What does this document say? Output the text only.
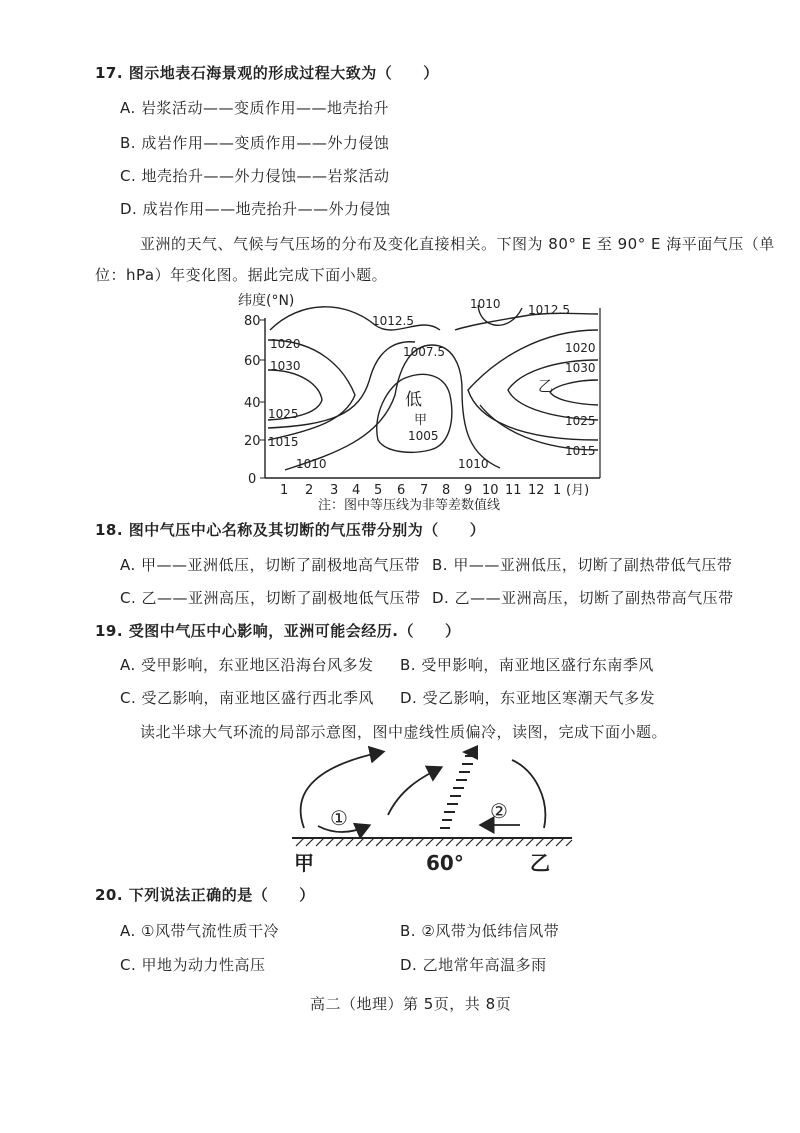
17. 图示地表石海景观的形成过程大致为（　　）
A. 岩浆活动——变质作用——地壳抬升
B. 成岩作用——变质作用——外力侵蚀
C. 地壳抬升——外力侵蚀——岩浆活动
D. 成岩作用——地壳抬升——外力侵蚀
亚洲的天气、气候与气压场的分布及变化直接相关。下图为 80° E 至 90° E 海平面气压（单
位：hPa）年变化图。据此完成下面小题。
纬度(°N)
(月)
0
20
40
60
80
1 2 3 4 5 6 7 8 9 10 11 12 1
1020
1030
1025
1015
1010
1012.5
1007.5
1005
1010
1010
1012.5
1020
1030
1025
1015
低
甲
乙
注：图中等压线为非等差数值线
18. 图中气压中心名称及其切断的气压带分别为（　　）
A. 甲——亚洲低压，切断了副极地高气压带 B. 甲——亚洲低压，切断了副热带低气压带
C. 乙——亚洲高压，切断了副极地低气压带 D. 乙——亚洲高压，切断了副热带高气压带
19. 受图中气压中心影响，亚洲可能会经历.（　　）
A. 受甲影响，东亚地区沿海台风多发 B. 受甲影响，南亚地区盛行东南季风
C. 受乙影响，南亚地区盛行西北季风 D. 受乙影响，东亚地区寒潮天气多发
读北半球大气环流的局部示意图，图中虚线性质偏冷，读图，完成下面小题。
①	②
甲	60°	乙
20. 下列说法正确的是（　　）
A. ①风带气流性质干冷	B. ②风带为低纬信风带
C. 甲地为动力性高压	D. 乙地常年高温多雨
高二（地理）第 5页，共 8页
